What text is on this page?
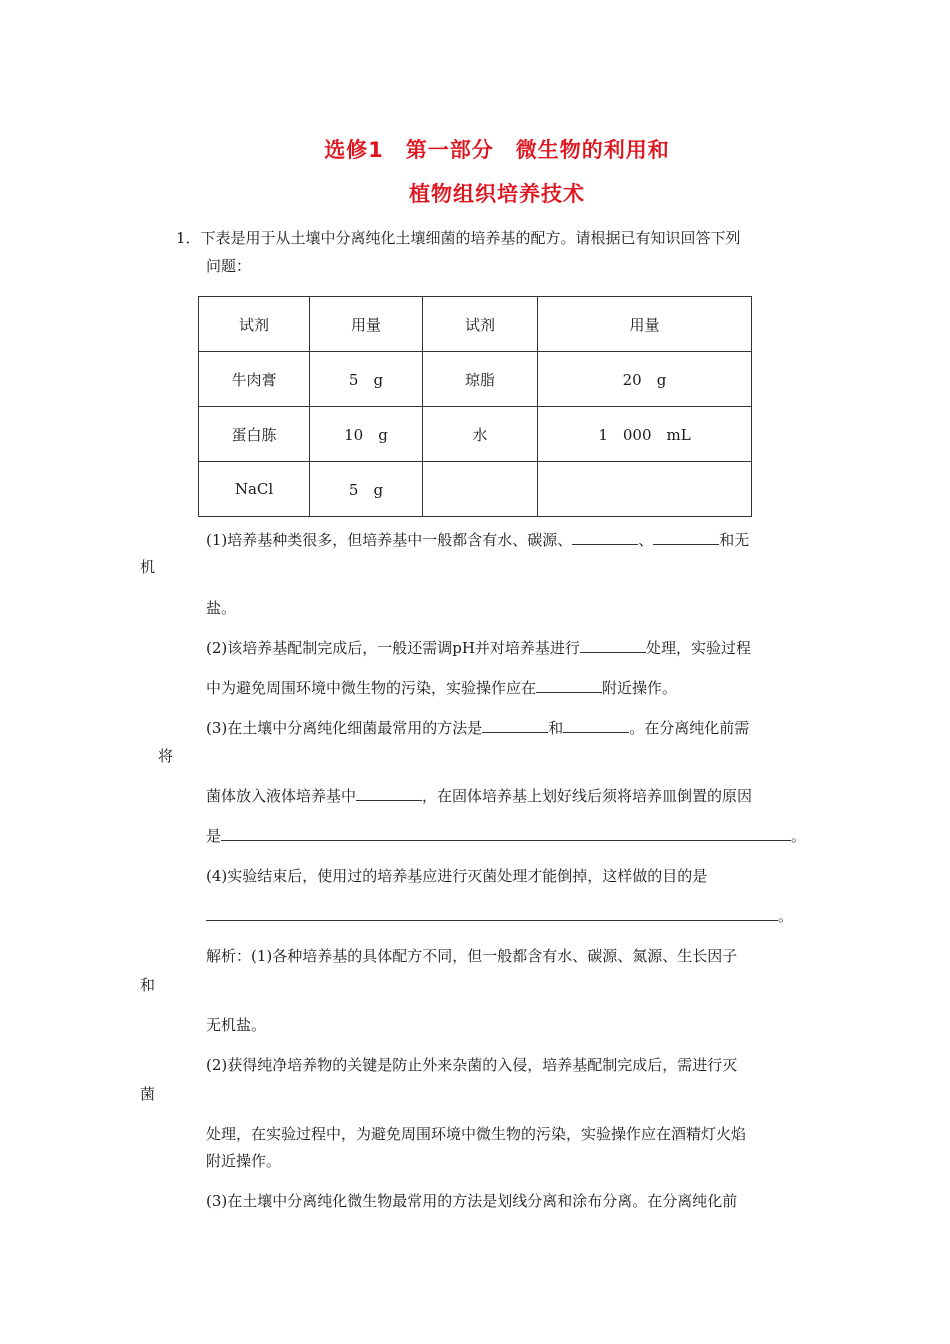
选修1　第一部分　微生物的利用和
植物组织培养技术
1．下表是用于从土壤中分离纯化土壤细菌的培养基的配方。请根据已有知识回答下列
问题：
试剂	用量	试剂	用量
牛肉膏	5　g	琼脂	20　g
蛋白胨	10　g	水	1　000　mL
NaCl	5　g		
(1)培养基种类很多，但培养基中一般都含有水、碳源、	、	和无
机
盐。
(2)该培养基配制完成后，一般还需调pH并对培养基进行	处理，实验过程
中为避免周围环境中微生物的污染，实验操作应在	附近操作。
(3)在土壤中分离纯化细菌最常用的方法是	和	。在分离纯化前需
将
菌体放入液体培养基中	，在固体培养基上划好线后须将培养皿倒置的原因
是	。
(4)实验结束后，使用过的培养基应进行灭菌处理才能倒掉，这样做的目的是
。
解析：(1)各种培养基的具体配方不同，但一般都含有水、碳源、氮源、生长因子
和
无机盐。
(2)获得纯净培养物的关键是防止外来杂菌的入侵，培养基配制完成后，需进行灭
菌
处理，在实验过程中，为避免周围环境中微生物的污染，实验操作应在酒精灯火焰
附近操作。
(3)在土壤中分离纯化微生物最常用的方法是划线分离和涂布分离。在分离纯化前
